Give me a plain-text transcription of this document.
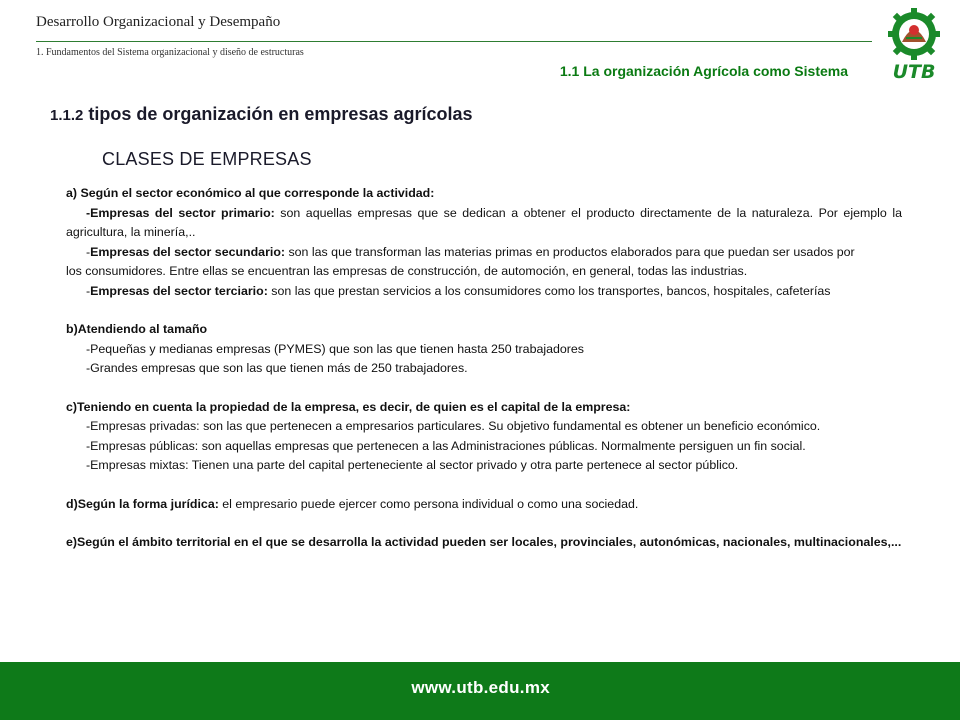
Desarrollo Organizacional y Desempaño
1. Fundamentos del Sistema organizacional y diseño de estructuras
1.1 La organización Agrícola como Sistema UTB
1.1.2 tipos de organización en empresas agrícolas
CLASES DE EMPRESAS

a) Según el sector económico al que corresponde la actividad:

-Empresas del sector primario: son aquellas empresas que se dedican a obtener el producto directamente de la naturaleza. Por ejemplo la agricultura, la minería,..

-Empresas del sector secundario: son las que transforman las materias primas en productos elaborados para que puedan ser usados por

los consumidores. Entre ellas se encuentran las empresas de construcción, de automoción, en general, todas las industrias.

-Empresas del sector terciario: son las que prestan servicios a los consumidores como los transportes, bancos, hospitales, cafeterías

b)Atendiendo al tamaño

-Pequeñas y medianas empresas (PYMES) que son las que tienen hasta 250 trabajadores

-Grandes empresas que son las que tienen más de 250 trabajadores.

c)Teniendo en cuenta la propiedad de la empresa, es decir, de quien es el capital de la empresa:

-Empresas privadas: son las que pertenecen a empresarios particulares. Su objetivo fundamental es obtener un beneficio económico.

-Empresas públicas: son aquellas empresas que pertenecen a las Administraciones públicas. Normalmente persiguen un fin social.

-Empresas mixtas: Tienen una parte del capital perteneciente al sector privado y otra parte pertenece al sector público.

d)Según la forma jurídica: el empresario puede ejercer como persona individual o como una sociedad.

e)Según el ámbito territorial en el que se desarrolla la actividad pueden ser locales, provinciales, autonómicas, nacionales, multinacionales,...

www.utb.edu.mx
